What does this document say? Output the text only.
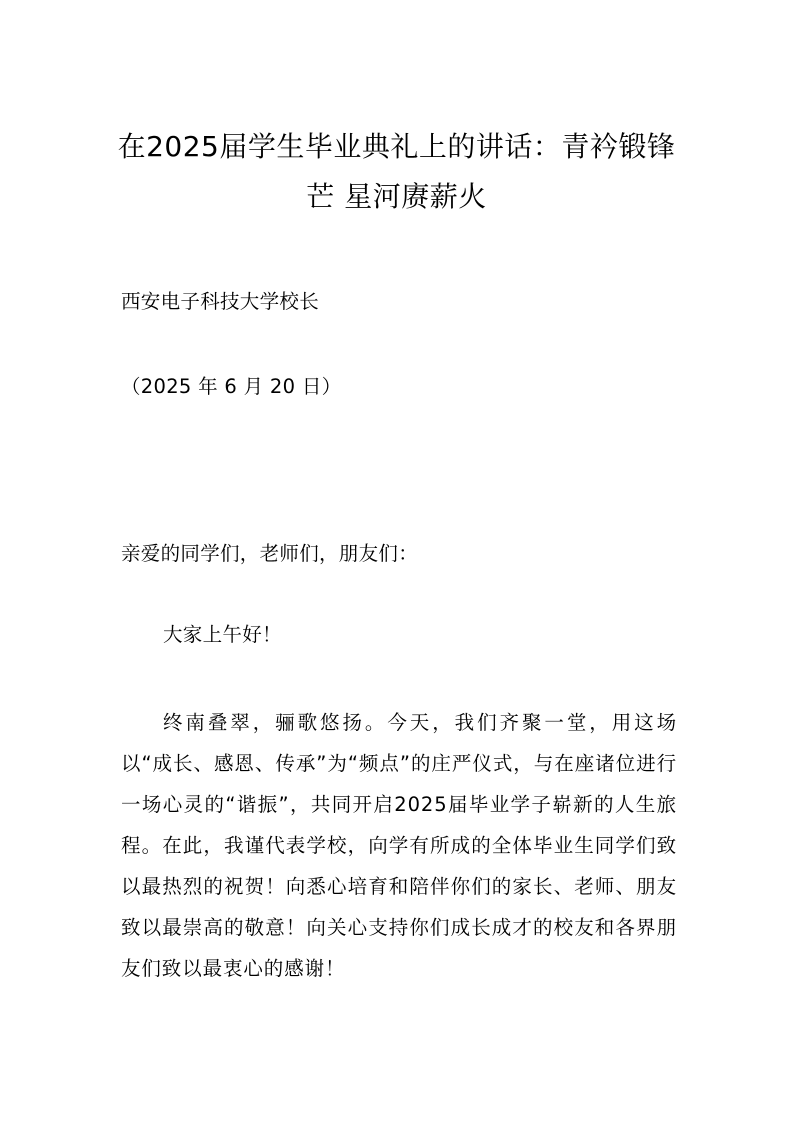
在2025届学生毕业典礼上的讲话：青衿锻锋芒 星河赓薪火

西安电子科技大学校长

（2025 年 6 月 20 日）

亲爱的同学们，老师们，朋友们：

大家上午好！

终南叠翠，骊歌悠扬。今天，我们齐聚一堂，用这场以“成长、感恩、传承”为“频点”的庄严仪式，与在座诸位进行一场心灵的“谐振”，共同开启2025届毕业学子崭新的人生旅程。在此，我谨代表学校，向学有所成的全体毕业生同学们致以最热烈的祝贺！向悉心培育和陪伴你们的家长、老师、朋友致以最崇高的敬意！向关心支持你们成长成才的校友和各界朋友们致以最衷心的感谢！
